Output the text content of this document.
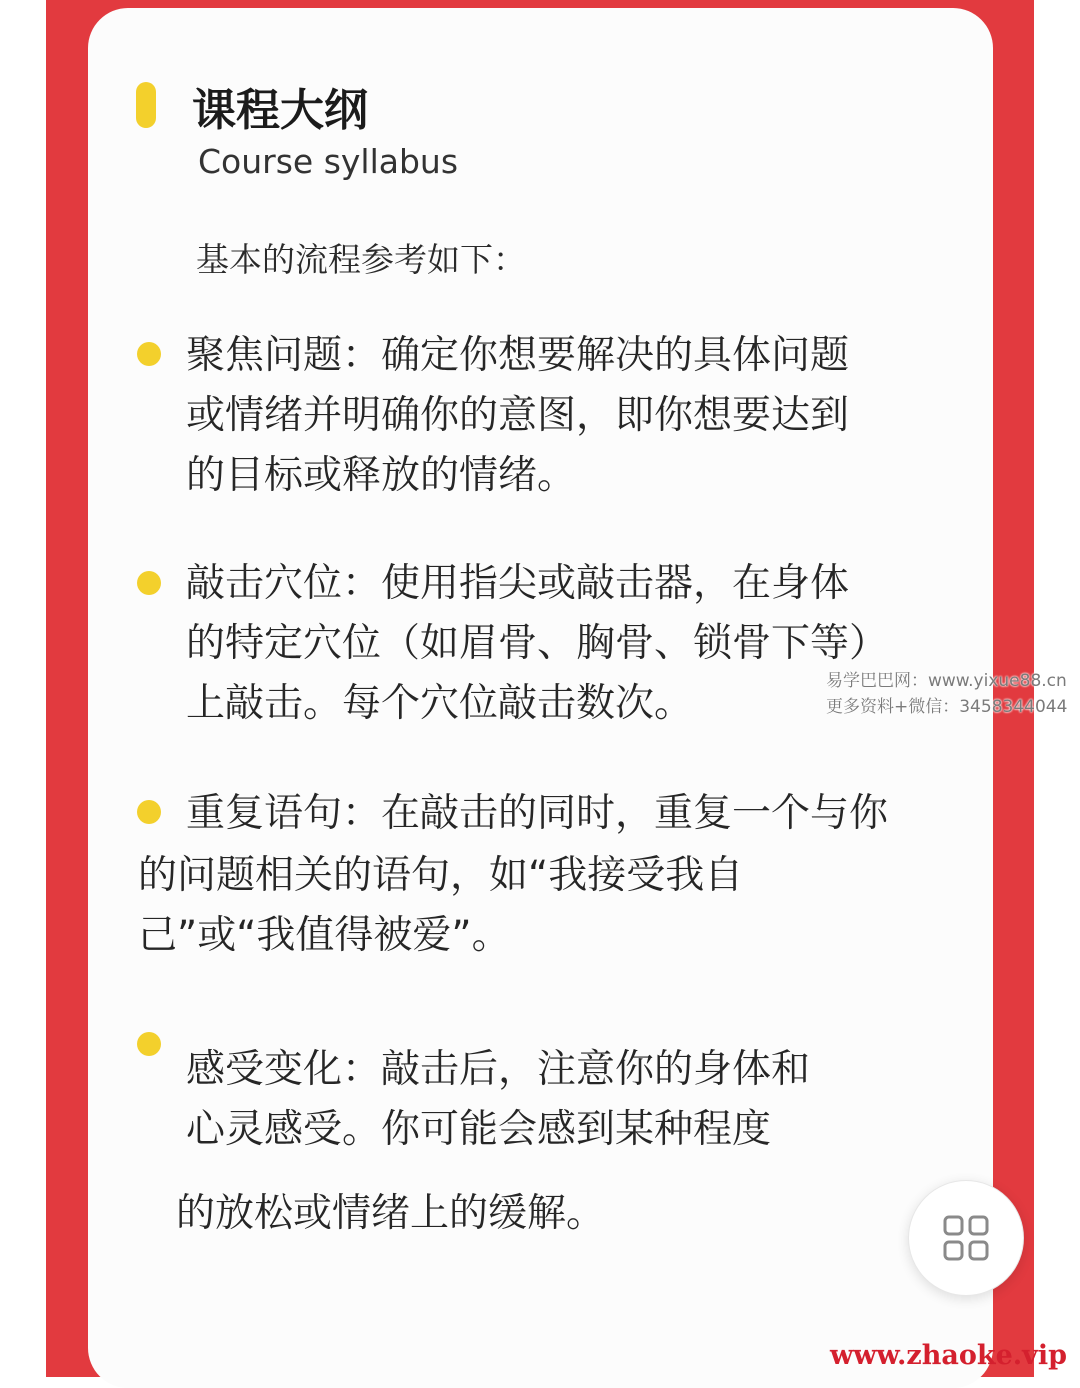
课程大纲
Course syllabus
基本的流程参考如下：
聚焦问题：确定你想要解决的具体问题
或情绪并明确你的意图，即你想要达到
的目标或释放的情绪。
敲击穴位：使用指尖或敲击器，在身体
的特定穴位（如眉骨、胸骨、锁骨下等）
上敲击。每个穴位敲击数次。
重复语句：在敲击的同时，重复一个与你
的问题相关的语句，如“我接受我自
己”或“我值得被爱”。
感受变化：敲击后，注意你的身体和
心灵感受。你可能会感到某种程度
的放松或情绪上的缓解。
易学巴巴网：www.yixue88.cn
更多资料+微信：3458344044
www.zhaoke.vip
